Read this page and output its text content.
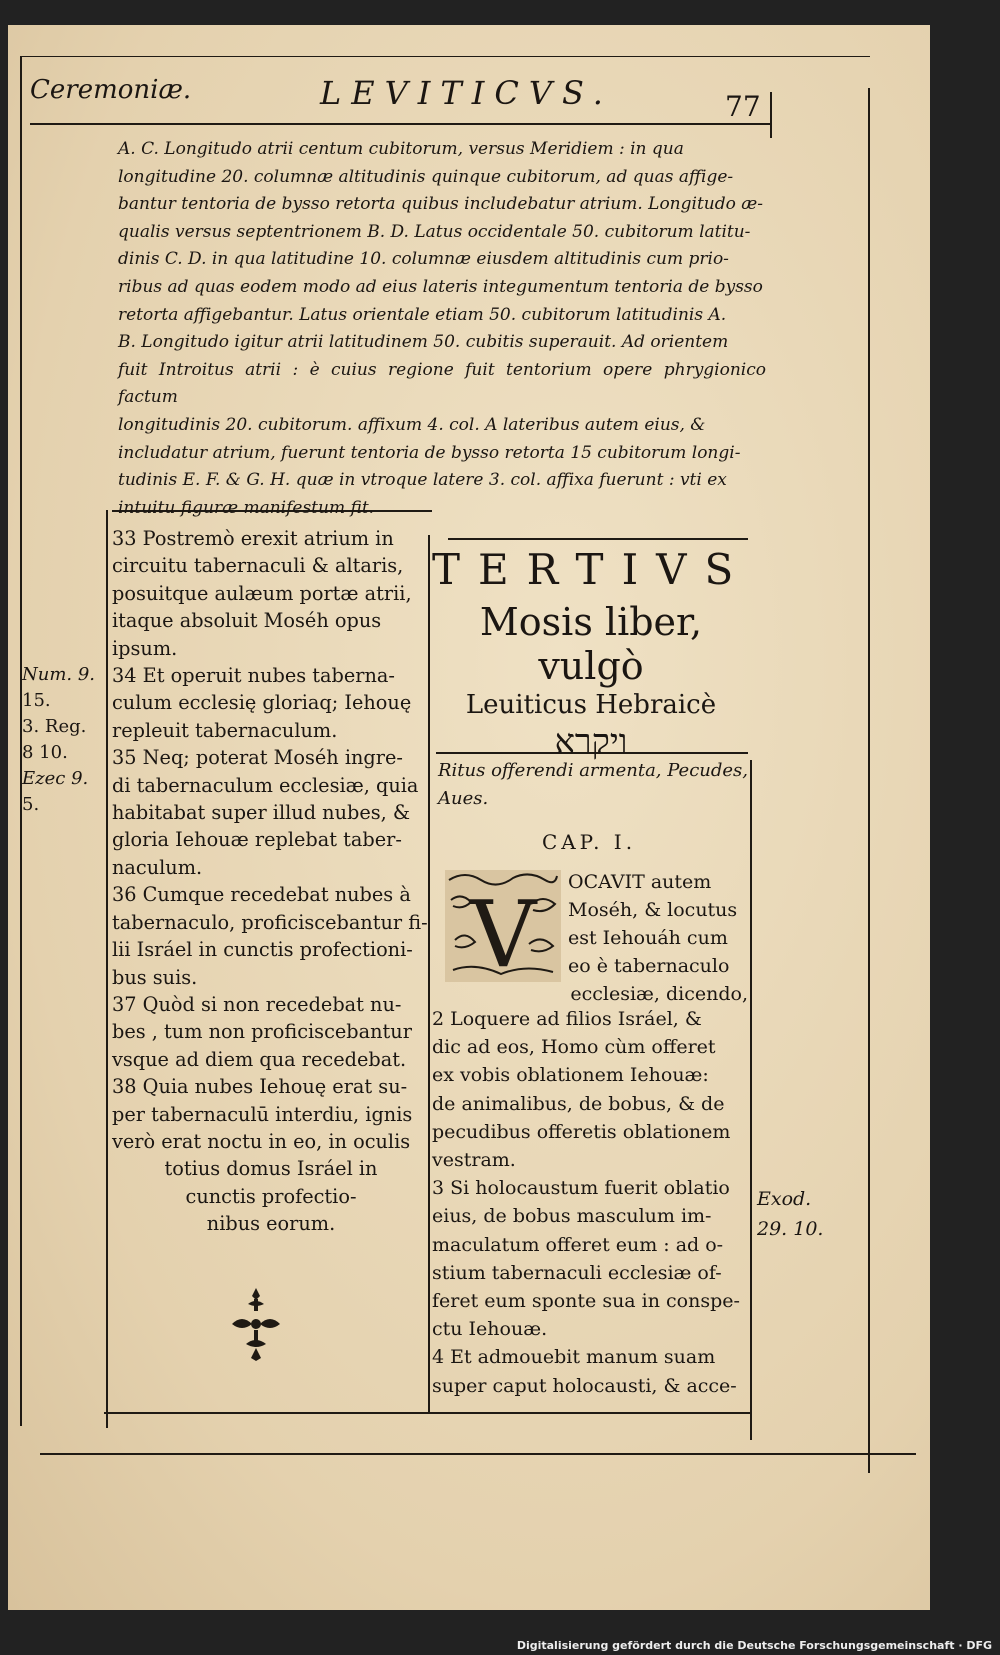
Ceremoniæ.	LEVITICVS.	77

A. C. Longitudo atrii centum cubitorum, versus Meridiem : in qua

longitudine 20. columnæ altitudinis quinque cubitorum, ad quas affige-

bantur tentoria de bysso retorta quibus includebatur atrium. Longitudo æ-

qualis versus septentrionem B. D. Latus occidentale 50. cubitorum latitu-

dinis C. D. in qua latitudine 10. columnæ eiusdem altitudinis cum prio-

ribus ad quas eodem modo ad eius lateris integumentum tentoria de bysso

retorta affigebantur. Latus orientale etiam 50. cubitorum latitudinis A.

B. Longitudo igitur atrii latitudinem 50. cubitis superauit. Ad orientem

fuit Introitus atrii : è cuius regione fuit tentorium opere phrygionico factum

longitudinis 20. cubitorum. affixum 4. col. A lateribus autem eius, &

includatur atrium, fuerunt tentoria de bysso retorta 15 cubitorum longi-

tudinis E. F. & G. H. quæ in vtroque latere 3. col. affixa fuerunt : vti ex

intuitu figuræ manifestum fit.

Num. 9.
15.
3. Reg.
8 10.
Ezec 9.
5.

33 Postremò erexit atrium in

circuitu tabernaculi & altaris,

posuitque aulæum portæ atrii,

itaque absoluit Moséh opus

ipsum.

34 Et operuit nubes taberna-

culum ecclesię gloriaq; Iehouę

repleuit tabernaculum.

35 Neq; poterat Moséh ingre-

di tabernaculum ecclesiæ, quia

habitabat super illud nubes, &

gloria Iehouæ replebat taber-

naculum.

36 Cumque recedebat nubes à

tabernaculo, proficiscebantur fi-

lii Isráel in cunctis profectioni-

bus suis.

37 Quòd si non recedebat nu-

bes , tum non proficiscebantur

vsque ad diem qua recedebat.

38 Quia nubes Iehouę erat su-

per tabernaculū interdiu, ignis

verò erat noctu in eo, in oculis

totius domus Isráel in

cunctis profectio-

nibus eorum.

TERTIVS
Mosis liber, vulgò
Leuiticus Hebraicè
ויקרא
Ritus offerendi armenta, Pecudes, Aues.
CAP. I.
V OCAVIT autem

Moséh, & locutus

est Iehouáh cum

eo è tabernaculo

ecclesiæ, dicendo,

2 Loquere ad filios Isráel, &

dic ad eos, Homo cùm offeret

ex vobis oblationem Iehouæ:

de animalibus, de bobus, & de

pecudibus offeretis oblationem

vestram.

3 Si holocaustum fuerit oblatio

eius, de bobus masculum im-

maculatum offeret eum : ad o-

stium tabernaculi ecclesiæ of-

feret eum sponte sua in conspe-

ctu Iehouæ.

4 Et admouebit manum suam

super caput holocausti, & acce-

Exod.
29. 10.
Digitalisierung gefördert durch die Deutsche Forschungsgemeinschaft · DFG
